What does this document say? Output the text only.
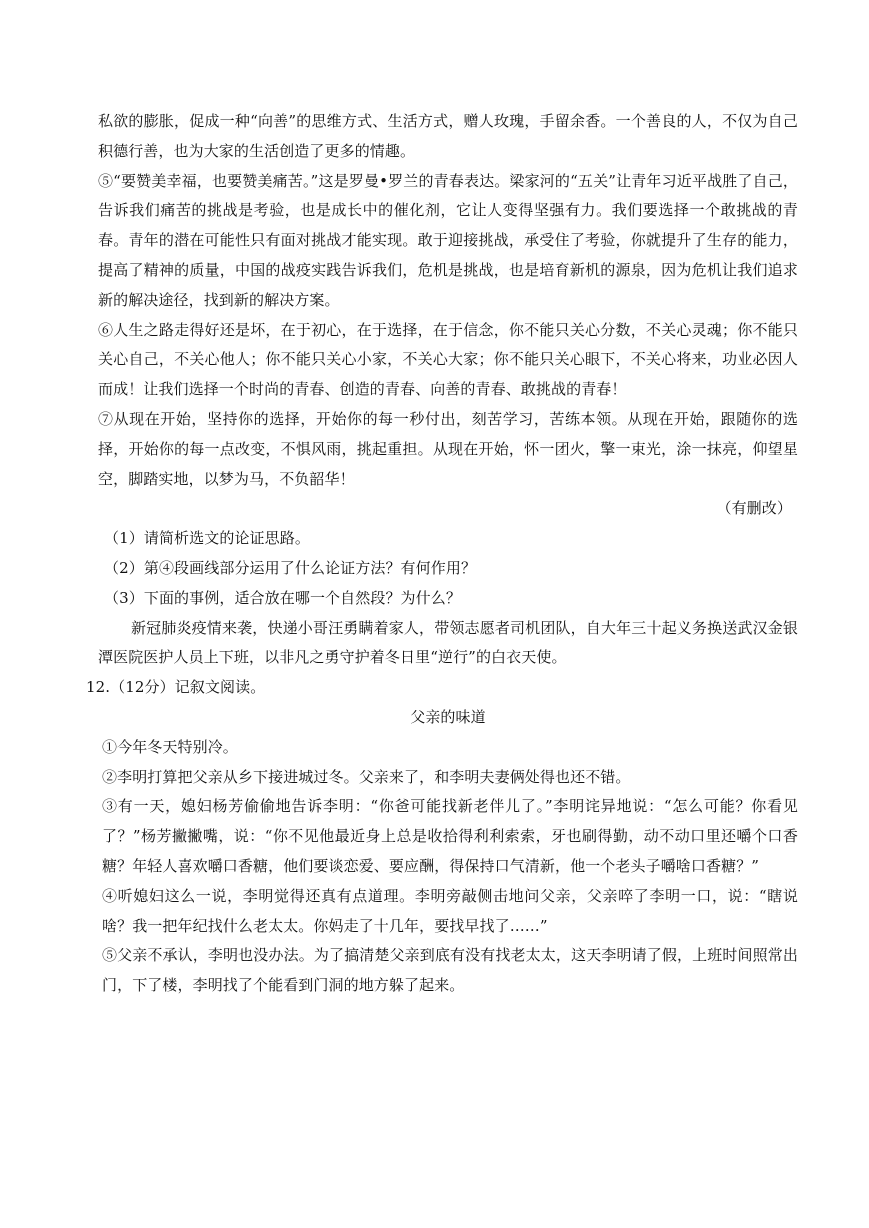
私欲的膨胀，促成一种“向善”的思维方式、生活方式，赠人玫瑰，手留余香。一个善良的人，不仅为自己积德行善，也为大家的生活创造了更多的情趣。

⑤“要赞美幸福，也要赞美痛苦。”这是罗曼•罗兰的青春表达。梁家河的“五关”让青年习近平战胜了自己，告诉我们痛苦的挑战是考验，也是成长中的催化剂，它让人变得坚强有力。我们要选择一个敢挑战的青春。青年的潜在可能性只有面对挑战才能实现。敢于迎接挑战，承受住了考验，你就提升了生存的能力，提高了精神的质量，中国的战疫实践告诉我们，危机是挑战，也是培育新机的源泉，因为危机让我们追求新的解决途径，找到新的解决方案。

⑥人生之路走得好还是坏，在于初心，在于选择，在于信念，你不能只关心分数，不关心灵魂；你不能只关心自己，不关心他人；你不能只关心小家，不关心大家；你不能只关心眼下，不关心将来，功业必因人而成！让我们选择一个时尚的青春、创造的青春、向善的青春、敢挑战的青春！

⑦从现在开始，坚持你的选择，开始你的每一秒付出，刻苦学习，苦练本领。从现在开始，跟随你的选择，开始你的每一点改变，不惧风雨，挑起重担。从现在开始，怀一团火，擎一束光，涂一抹亮，仰望星空，脚踏实地，以梦为马，不负韶华！

（有删改）

（1）请简析选文的论证思路。

（2）第④段画线部分运用了什么论证方法？有何作用？

（3）下面的事例，适合放在哪一个自然段？为什么？

新冠肺炎疫情来袭，快递小哥汪勇瞒着家人，带领志愿者司机团队，自大年三十起义务换送武汉金银潭医院医护人员上下班，以非凡之勇守护着冬日里“逆行”的白衣天使。

12.（12分）记叙文阅读。

父亲的味道

①今年冬天特别冷。

②李明打算把父亲从乡下接进城过冬。父亲来了，和李明夫妻俩处得也还不错。

③有一天，媳妇杨芳偷偷地告诉李明：“你爸可能找新老伴儿了。”李明诧异地说：“怎么可能？你看见了？”杨芳撇撇嘴，说：“你不见他最近身上总是收拾得利利索索，牙也刷得勤，动不动口里还嚼个口香糖？年轻人喜欢嚼口香糖，他们要谈恋爱、要应酬，得保持口气清新，他一个老头子嚼啥口香糖？”

④听媳妇这么一说，李明觉得还真有点道理。李明旁敲侧击地问父亲，父亲啐了李明一口，说：“瞎说啥？我一把年纪找什么老太太。你妈走了十几年，要找早找了……”

⑤父亲不承认，李明也没办法。为了搞清楚父亲到底有没有找老太太，这天李明请了假，上班时间照常出门，下了楼，李明找了个能看到门洞的地方躲了起来。
